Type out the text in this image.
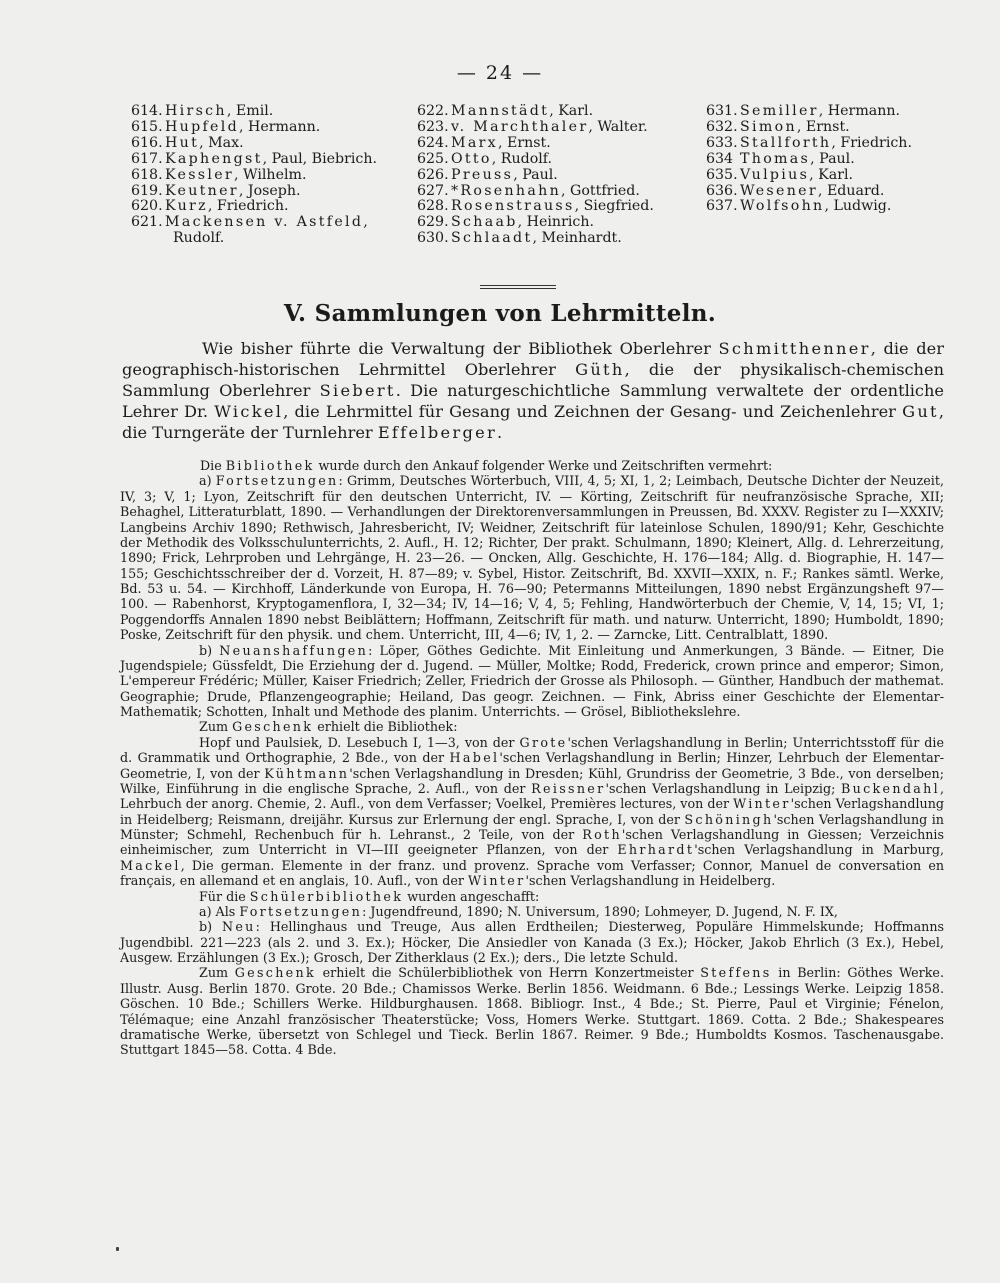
— 24 —
614. Hirsch, Emil.
615. Hupfeld, Hermann.
616. Hut, Max.
617. Kaphengst, Paul, Biebrich.
618. Kessler, Wilhelm.
619. Keutner, Joseph.
620. Kurz, Friedrich.
621. Mackensen v. Astfeld,
Rudolf.
622. Mannstädt, Karl.
623. v. Marchthaler, Walter.
624. Marx, Ernst.
625. Otto, Rudolf.
626. Preuss, Paul.
627. *Rosenhahn, Gottfried.
628. Rosenstrauss, Siegfried.
629. Schaab, Heinrich.
630. Schlaadt, Meinhardt.
631. Semiller, Hermann.
632. Simon, Ernst.
633. Stallforth, Friedrich.
634 Thomas, Paul.
635. Vulpius, Karl.
636. Wesener, Eduard.
637. Wolfsohn, Ludwig.
V. Sammlungen von Lehrmitteln.

Wie bisher führte die Verwaltung der Bibliothek Oberlehrer Schmitthenner, die der geographisch-historischen Lehrmittel Oberlehrer Güth, die der physikalisch-chemischen Sammlung Oberlehrer Siebert. Die naturgeschichtliche Sammlung verwaltete der ordentliche Lehrer Dr. Wickel, die Lehrmittel für Gesang und Zeichnen der Gesang- und Zeichenlehrer Gut, die Turngeräte der Turnlehrer Effelberger.

Die Bibliothek wurde durch den Ankauf folgender Werke und Zeitschriften vermehrt:

a) Fortsetzungen: Grimm, Deutsches Wörterbuch, VIII, 4, 5; XI, 1, 2; Leimbach, Deutsche Dichter der Neuzeit, IV, 3; V, 1; Lyon, Zeitschrift für den deutschen Unterricht, IV. — Körting, Zeitschrift für neufranzösische Sprache, XII; Behaghel, Litteraturblatt, 1890. — Verhandlungen der Direktorenversammlungen in Preussen, Bd. XXXV. Register zu I—XXXIV; Langbeins Archiv 1890; Rethwisch, Jahresbericht, IV; Weidner, Zeitschrift für lateinlose Schulen, 1890/91; Kehr, Geschichte der Methodik des Volksschulunterrichts, 2. Aufl., H. 12; Richter, Der prakt. Schulmann, 1890; Kleinert, Allg. d. Lehrerzeitung, 1890; Frick, Lehrproben und Lehrgänge, H. 23—26. — Oncken, Allg. Geschichte, H. 176—184; Allg. d. Biographie, H. 147—155; Geschichtsschreiber der d. Vorzeit, H. 87—89; v. Sybel, Histor. Zeitschrift, Bd. XXVII—XXIX, n. F.; Rankes sämtl. Werke, Bd. 53 u. 54. — Kirchhoff, Länderkunde von Europa, H. 76—90; Petermanns Mitteilungen, 1890 nebst Ergänzungsheft 97—100. — Rabenhorst, Kryptogamenflora, I, 32—34; IV, 14—16; V, 4, 5; Fehling, Handwörterbuch der Chemie, V, 14, 15; VI, 1; Poggendorffs Annalen 1890 nebst Beiblättern; Hoffmann, Zeitschrift für math. und naturw. Unterricht, 1890; Humboldt, 1890; Poske, Zeitschrift für den physik. und chem. Unterricht, III, 4—6; IV, 1, 2. — Zarncke, Litt. Centralblatt, 1890.

b) Neuanshaffungen: Löper, Göthes Gedichte. Mit Einleitung und Anmerkungen, 3 Bände. — Eitner, Die Jugendspiele; Güssfeldt, Die Erziehung der d. Jugend. — Müller, Moltke; Rodd, Frederick, crown prince and emperor; Simon, L'empereur Frédéric; Müller, Kaiser Friedrich; Zeller, Friedrich der Grosse als Philosoph. — Günther, Handbuch der mathemat. Geographie; Drude, Pflanzengeographie; Heiland, Das geogr. Zeichnen. — Fink, Abriss einer Geschichte der Elementar-Mathematik; Schotten, Inhalt und Methode des planim. Unterrichts. — Grösel, Bibliothekslehre.

Zum Geschenk erhielt die Bibliothek:

Hopf und Paulsiek, D. Lesebuch I, 1—3, von der Grote'schen Verlagshandlung in Berlin; Unterrichtsstoff für die d. Grammatik und Orthographie, 2 Bde., von der Habel'schen Verlagshandlung in Berlin; Hinzer, Lehrbuch der Elementar-Geometrie, I, von der Kühtmann'schen Verlagshandlung in Dresden; Kühl, Grundriss der Geometrie, 3 Bde., von derselben; Wilke, Einführung in die englische Sprache, 2. Aufl., von der Reissner'schen Verlagshandlung in Leipzig; Buckendahl, Lehrbuch der anorg. Chemie, 2. Aufl., von dem Verfasser; Voelkel, Premières lectures, von der Winter'schen Verlagshandlung in Heidelberg; Reismann, dreijähr. Kursus zur Erlernung der engl. Sprache, I, von der Schöningh'schen Verlagshandlung in Münster; Schmehl, Rechenbuch für h. Lehranst., 2 Teile, von der Roth'schen Verlagshandlung in Giessen; Verzeichnis einheimischer, zum Unterricht in VI—III geeigneter Pflanzen, von der Ehrhardt'schen Verlagshandlung in Marburg, Mackel, Die german. Elemente in der franz. und provenz. Sprache vom Verfasser; Connor, Manuel de conversation en français, en allemand et en anglais, 10. Aufl., von der Winter'schen Verlagshandlung in Heidelberg.

Für die Schülerbibliothek wurden angeschafft:

a) Als Fortsetzungen: Jugendfreund, 1890; N. Universum, 1890; Lohmeyer, D. Jugend, N. F. IX,

b) Neu: Hellinghaus und Treuge, Aus allen Erdtheilen; Diesterweg, Populäre Himmelskunde; Hoffmanns Jugendbibl. 221—223 (als 2. und 3. Ex.); Höcker, Die Ansiedler von Kanada (3 Ex.); Höcker, Jakob Ehrlich (3 Ex.), Hebel, Ausgew. Erzählungen (3 Ex.); Grosch, Der Zitherklaus (2 Ex.); ders., Die letzte Schuld.

Zum Geschenk erhielt die Schülerbibliothek von Herrn Konzertmeister Steffens in Berlin: Göthes Werke. Illustr. Ausg. Berlin 1870. Grote. 20 Bde.; Chamissos Werke. Berlin 1856. Weidmann. 6 Bde.; Lessings Werke. Leipzig 1858. Göschen. 10 Bde.; Schillers Werke. Hildburghausen. 1868. Bibliogr. Inst., 4 Bde.; St. Pierre, Paul et Virginie; Fénelon, Télémaque; eine Anzahl französischer Theaterstücke; Voss, Homers Werke. Stuttgart. 1869. Cotta. 2 Bde.; Shakespeares dramatische Werke, übersetzt von Schlegel und Tieck. Berlin 1867. Reimer. 9 Bde.; Humboldts Kosmos. Taschenausgabe. Stuttgart 1845—58. Cotta. 4 Bde.
